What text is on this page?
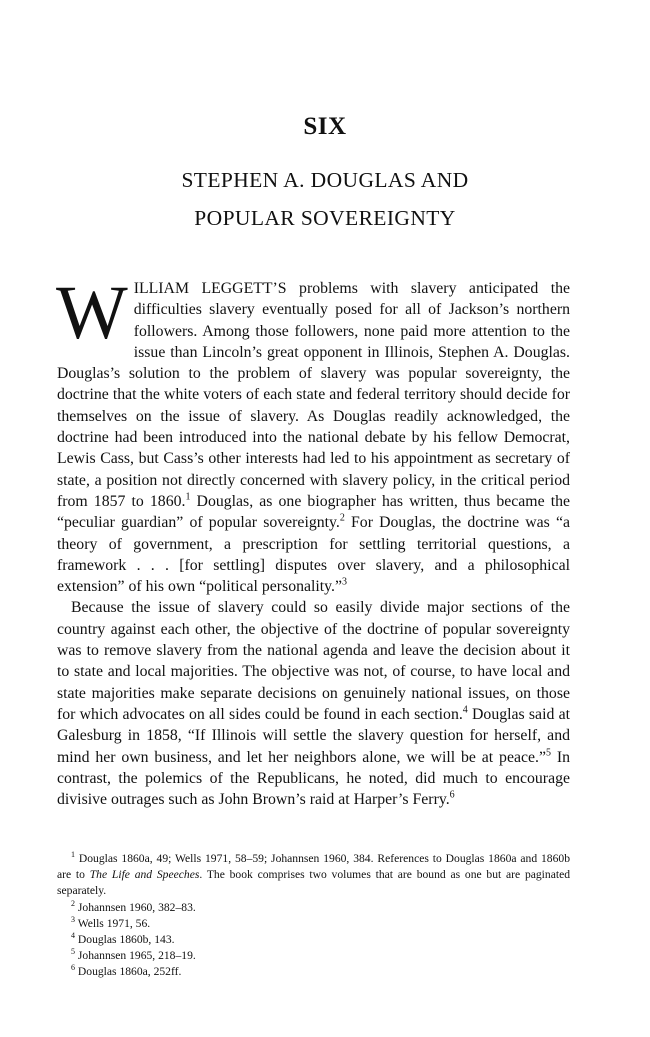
SIX
STEPHEN A. DOUGLAS AND
POPULAR SOVEREIGNTY

WILLIAM LEGGETT’S problems with slavery anticipated the difficulties slavery eventually posed for all of Jackson’s northern followers. Among those followers, none paid more attention to the issue than Lincoln’s great opponent in Illinois, Stephen A. Douglas. Douglas’s solution to the problem of slavery was popular sovereignty, the doctrine that the white voters of each state and federal territory should decide for themselves on the issue of slavery. As Douglas readily acknowledged, the doctrine had been introduced into the national debate by his fellow Democrat, Lewis Cass, but Cass’s other interests had led to his appointment as secretary of state, a position not directly concerned with slavery policy, in the critical period from 1857 to 1860.$^1$ Douglas, as one biographer has written, thus became the “peculiar guardian” of popular sovereignty.$^2$ For Douglas, the doctrine was “a theory of government, a prescription for settling territorial questions, a framework . . . [for settling] disputes over slavery, and a philosophical extension” of his own “political personality.”$^3$

Because the issue of slavery could so easily divide major sections of the country against each other, the objective of the doctrine of popular sovereignty was to remove slavery from the national agenda and leave the decision about it to state and local majorities. The objective was not, of course, to have local and state majorities make separate decisions on genuinely national issues, on those for which advocates on all sides could be found in each section.$^4$ Douglas said at Galesburg in 1858, “If Illinois will settle the slavery question for herself, and mind her own business, and let her neighbors alone, we will be at peace.”$^5$ In contrast, the polemics of the Republicans, he noted, did much to encourage divisive outrages such as John Brown’s raid at Harper’s Ferry.$^6$

$^1$ Douglas 1860a, 49; Wells 1971, 58–59; Johannsen 1960, 384. References to Douglas 1860a and 1860b are to The Life and Speeches. The book comprises two volumes that are bound as one but are paginated separately.
$^2$ Johannsen 1960, 382–83.
$^3$ Wells 1971, 56.
$^4$ Douglas 1860b, 143.
$^5$ Johannsen 1965, 218–19.
$^6$ Douglas 1860a, 252ff.
